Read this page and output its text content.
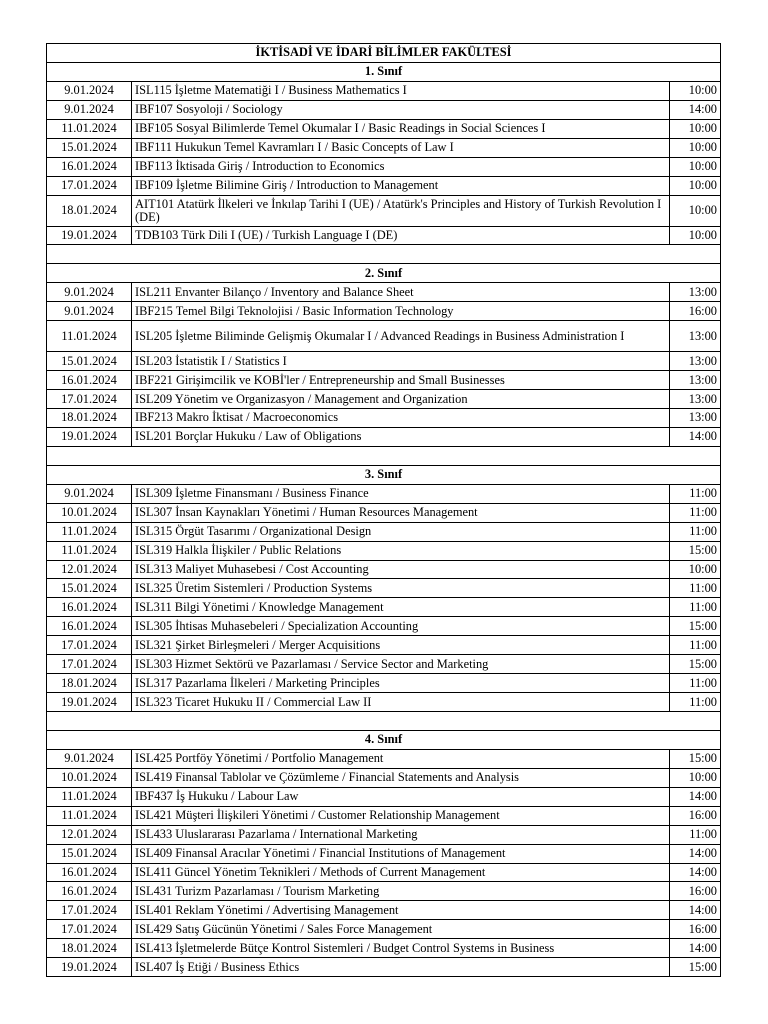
İKTİSADİ VE İDARİ BİLİMLER FAKÜLTESİ		
1. Sınıf		
9.01.2024	ISL115 İşletme Matematiği I / Business Mathematics I	10:00
9.01.2024	IBF107 Sosyoloji / Sociology	14:00
11.01.2024	IBF105 Sosyal Bilimlerde Temel Okumalar I / Basic Readings in Social Sciences I	10:00
15.01.2024	IBF111 Hukukun Temel Kavramları I / Basic Concepts of Law I	10:00
16.01.2024	IBF113 İktisada Giriş / Introduction to Economics	10:00
17.01.2024	IBF109 İşletme Bilimine Giriş / Introduction to Management	10:00
18.01.2024	AIT101 Atatürk İlkeleri ve İnkılap Tarihi I (UE) / Atatürk's Principles and History of Turkish Revolution I (DE)	10:00
19.01.2024	TDB103 Türk Dili I (UE) / Turkish Language I (DE)	10:00

2. Sınıf		
9.01.2024	ISL211 Envanter Bilanço / Inventory and Balance Sheet	13:00
9.01.2024	IBF215 Temel Bilgi Teknolojisi / Basic Information Technology	16:00
11.01.2024	ISL205 İşletme Biliminde Gelişmiş Okumalar I / Advanced Readings in Business Administration I	13:00
15.01.2024	ISL203 İstatistik I / Statistics I	13:00
16.01.2024	IBF221 Girişimcilik ve KOBİ'ler / Entrepreneurship and Small Businesses	13:00
17.01.2024	ISL209 Yönetim ve Organizasyon / Management and Organization	13:00
18.01.2024	IBF213 Makro İktisat / Macroeconomics	13:00
19.01.2024	ISL201 Borçlar Hukuku / Law of Obligations	14:00

3. Sınıf		
9.01.2024	ISL309 İşletme Finansmanı / Business Finance	11:00
10.01.2024	ISL307 İnsan Kaynakları Yönetimi / Human Resources Management	11:00
11.01.2024	ISL315 Örgüt Tasarımı / Organizational Design	11:00
11.01.2024	ISL319 Halkla İlişkiler / Public Relations	15:00
12.01.2024	ISL313 Maliyet Muhasebesi / Cost Accounting	10:00
15.01.2024	ISL325 Üretim Sistemleri / Production Systems	11:00
16.01.2024	ISL311 Bilgi Yönetimi / Knowledge Management	11:00
16.01.2024	ISL305 İhtisas Muhasebeleri / Specialization Accounting	15:00
17.01.2024	ISL321 Şirket Birleşmeleri / Merger Acquisitions	11:00
17.01.2024	ISL303 Hizmet Sektörü ve Pazarlaması / Service Sector and Marketing	15:00
18.01.2024	ISL317 Pazarlama İlkeleri / Marketing Principles	11:00
19.01.2024	ISL323 Ticaret Hukuku II / Commercial Law II	11:00

4. Sınıf		
9.01.2024	ISL425 Portföy Yönetimi / Portfolio Management	15:00
10.01.2024	ISL419 Finansal Tablolar ve Çözümleme / Financial Statements and Analysis	10:00
11.01.2024	IBF437 İş Hukuku / Labour Law	14:00
11.01.2024	ISL421 Müşteri İlişkileri Yönetimi / Customer Relationship Management	16:00
12.01.2024	ISL433 Uluslararası Pazarlama / International Marketing	11:00
15.01.2024	ISL409 Finansal Aracılar Yönetimi / Financial Institutions of Management	14:00
16.01.2024	ISL411 Güncel Yönetim Teknikleri / Methods of Current Management	14:00
16.01.2024	ISL431 Turizm Pazarlaması / Tourism Marketing	16:00
17.01.2024	ISL401 Reklam Yönetimi / Advertising Management	14:00
17.01.2024	ISL429 Satış Gücünün Yönetimi / Sales Force Management	16:00
18.01.2024	ISL413 İşletmelerde Bütçe Kontrol Sistemleri / Budget Control Systems in Business	14:00
19.01.2024	ISL407 İş Etiği / Business Ethics	15:00
